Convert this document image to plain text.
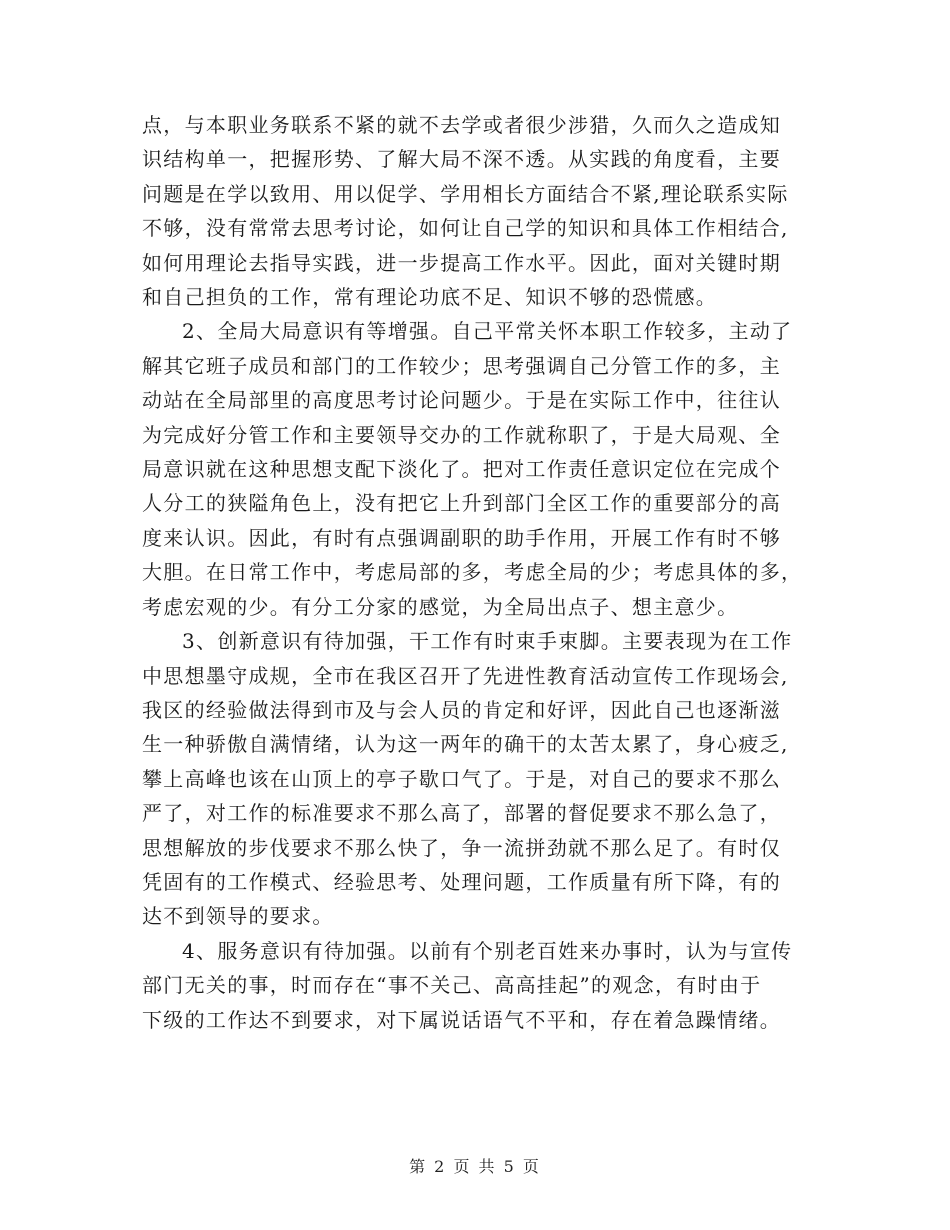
点，与本职业务联系不紧的就不去学或者很少涉猎，久而久之造成知
识结构单一，把握形势、了解大局不深不透。从实践的角度看，主要
问题是在学以致用、用以促学、学用相长方面结合不紧,理论联系实际
不够，没有常常去思考讨论，如何让自己学的知识和具体工作相结合,
如何用理论去指导实践，进一步提高工作水平。因此，面对关键时期
和自己担负的工作，常有理论功底不足、知识不够的恐慌感。

2、全局大局意识有等增强。自己平常关怀本职工作较多，主动了
解其它班子成员和部门的工作较少；思考强调自己分管工作的多，主
动站在全局部里的高度思考讨论问题少。于是在实际工作中，往往认
为完成好分管工作和主要领导交办的工作就称职了，于是大局观、全
局意识就在这种思想支配下淡化了。把对工作责任意识定位在完成个
人分工的狭隘角色上，没有把它上升到部门全区工作的重要部分的高
度来认识。因此，有时有点强调副职的助手作用，开展工作有时不够
大胆。在日常工作中，考虑局部的多，考虑全局的少；考虑具体的多，
考虑宏观的少。有分工分家的感觉，为全局出点子、想主意少。

3、创新意识有待加强，干工作有时束手束脚。主要表现为在工作
中思想墨守成规，全市在我区召开了先进性教育活动宣传工作现场会,
我区的经验做法得到市及与会人员的肯定和好评，因此自己也逐渐滋
生一种骄傲自满情绪，认为这一两年的确干的太苦太累了，身心疲乏,
攀上高峰也该在山顶上的亭子歇口气了。于是，对自己的要求不那么
严了，对工作的标准要求不那么高了，部署的督促要求不那么急了，
思想解放的步伐要求不那么快了，争一流拼劲就不那么足了。有时仅
凭固有的工作模式、经验思考、处理问题，工作质量有所下降，有的
达不到领导的要求。

4、服务意识有待加强。以前有个别老百姓来办事时，认为与宣传
部门无关的事，时而存在“事不关己、高高挂起”的观念，有时由于
下级的工作达不到要求，对下属说话语气不平和，存在着急躁情绪。

第 2 页 共 5 页
